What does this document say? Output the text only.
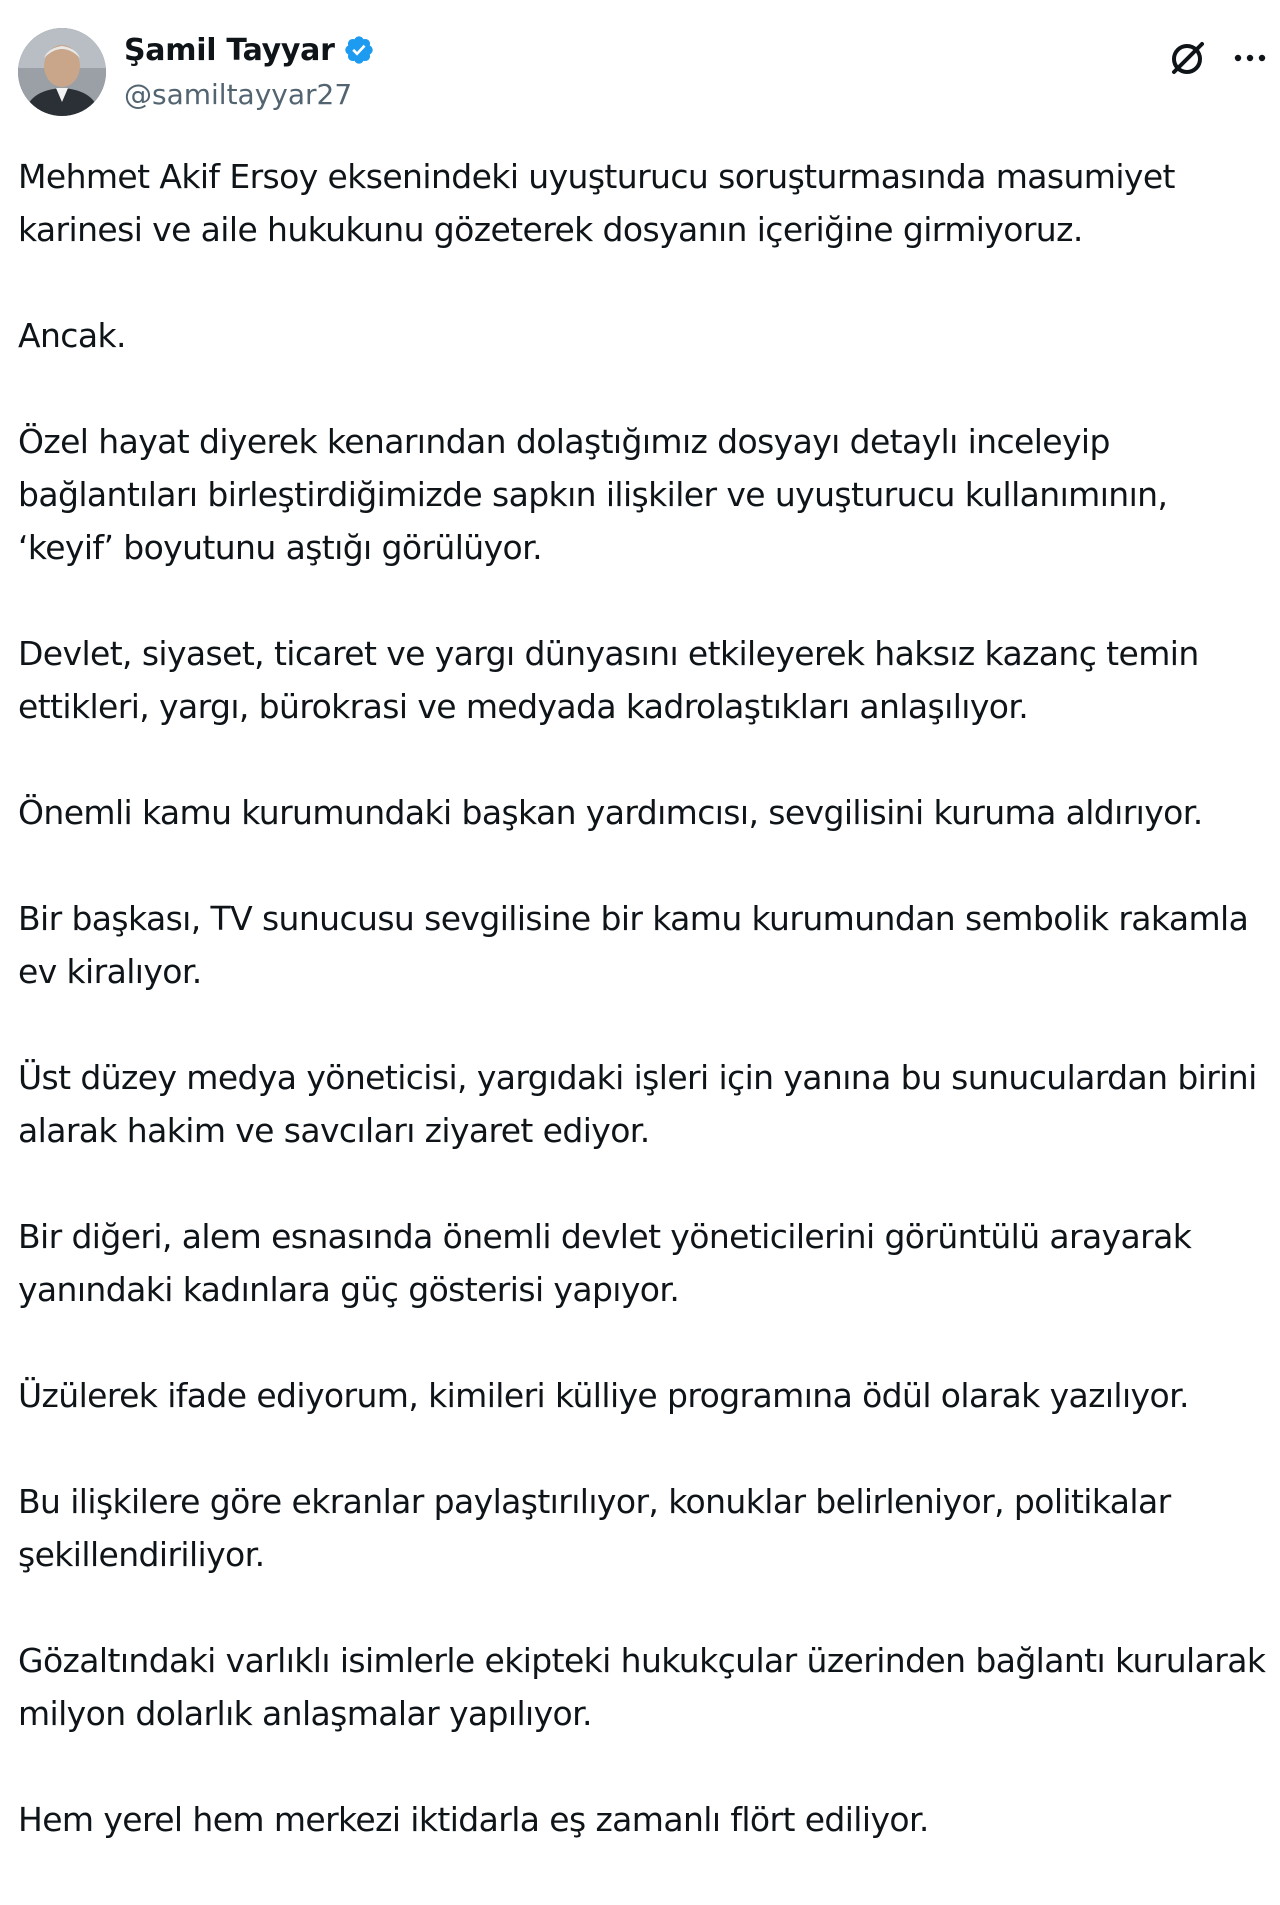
Şamil Tayyar
@samiltayyar27

Mehmet Akif Ersoy eksenindeki uyuşturucu soruşturmasında masumiyet karinesi ve aile hukukunu gözeterek dosyanın içeriğine girmiyoruz.

Ancak.

Özel hayat diyerek kenarından dolaştığımız dosyayı detaylı inceleyip bağlantıları birleştirdiğimizde sapkın ilişkiler ve uyuşturucu kullanımının, ‘keyif’ boyutunu aştığı görülüyor.

Devlet, siyaset, ticaret ve yargı dünyasını etkileyerek haksız kazanç temin ettikleri, yargı, bürokrasi ve medyada kadrolaştıkları anlaşılıyor.

Önemli kamu kurumundaki başkan yardımcısı, sevgilisini kuruma aldırıyor.

Bir başkası, TV sunucusu sevgilisine bir kamu kurumundan sembolik rakamla ev kiralıyor.

Üst düzey medya yöneticisi, yargıdaki işleri için yanına bu sunuculardan birini alarak hakim ve savcıları ziyaret ediyor.

Bir diğeri, alem esnasında önemli devlet yöneticilerini görüntülü arayarak yanındaki kadınlara güç gösterisi yapıyor.

Üzülerek ifade ediyorum, kimileri külliye programına ödül olarak yazılıyor.

Bu ilişkilere göre ekranlar paylaştırılıyor, konuklar belirleniyor, politikalar şekillendiriliyor.

Gözaltındaki varlıklı isimlerle ekipteki hukukçular üzerinden bağlantı kurularak milyon dolarlık anlaşmalar yapılıyor.

Hem yerel hem merkezi iktidarla eş zamanlı flört ediliyor.
